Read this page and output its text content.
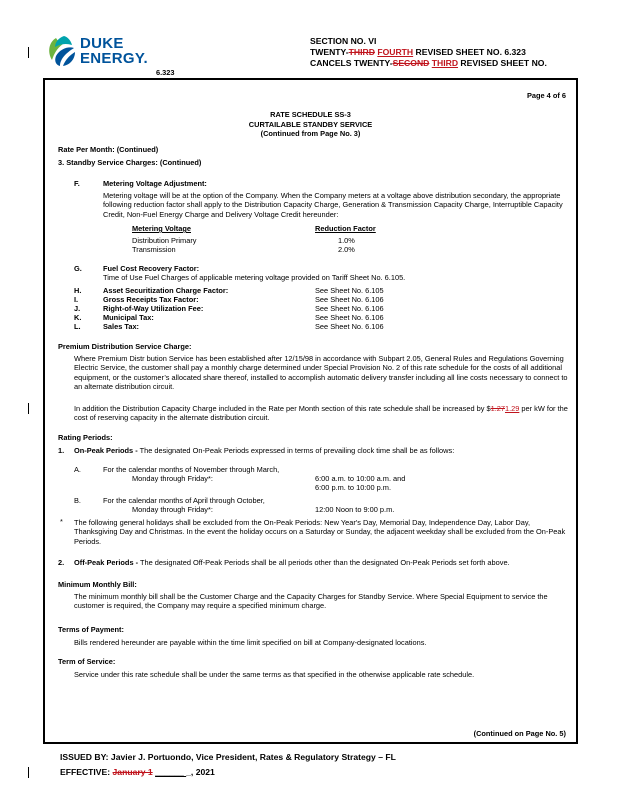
DUKE
ENERGY.
6.323
SECTION NO. VI
TWENTY-THIRD FOURTH REVISED SHEET NO. 6.323
CANCELS TWENTY-SECOND THIRD REVISED SHEET NO.
Page 4 of 6
RATE SCHEDULE SS-3
CURTAILABLE STANDBY SERVICE
(Continued from Page No. 3)
Rate Per Month: (Continued)
3. Standby Service Charges: (Continued)
F.	Metering Voltage Adjustment:
Metering voltage will be at the option of the Company. When the Company meters at a voltage above distribution secondary, the appropriate following reduction factor shall apply to the Distribution Capacity Charge, Generation & Transmission Capacity Charge, Interruptible Capacity Credit, Non-Fuel Energy Charge and Delivery Voltage Credit hereunder:
Metering Voltage	Reduction Factor
Distribution Primary	1.0%
Transmission	2.0%
G.	Fuel Cost Recovery Factor:
Time of Use Fuel Charges of applicable metering voltage provided on Tariff Sheet No. 6.105.
H.	Asset Securitization Charge Factor:	See Sheet No. 6.105
I.	Gross Receipts Tax Factor:	See Sheet No. 6.106
J.	Right-of-Way Utilization Fee:	See Sheet No. 6.106
K.	Municipal Tax:	See Sheet No. 6.106
L.	Sales Tax:	See Sheet No. 6.106
Premium Distribution Service Charge:
Where Premium Distr bution Service has been established after 12/15/98 in accordance with Subpart 2.05, General Rules and Regulations Governing Electric Service, the customer shall pay a monthly charge determined under Special Provision No. 2 of this rate schedule for the costs of all additional equipment, or the customer’s allocated share thereof, installed to accomplish automatic delivery transfer including all line costs necessary to connect to an alternate distribution circuit.
In addition the Distribution Capacity Charge included in the Rate per Month section of this rate schedule shall be increased by $1.271.29 per kW for the cost of reserving capacity in the alternate distribution circuit.
Rating Periods:
1. On-Peak Periods - The designated On-Peak Periods expressed in terms of prevailing clock time shall be as follows:
A.	For the calendar months of November through March,
Monday through Friday*:	6:00 a.m. to 10:00 a.m. and
6:00 p.m. to 10:00 p.m.
B.	For the calendar months of April through October,
Monday through Friday*:	12:00 Noon to 9:00 p.m.
* The following general holidays shall be excluded from the On-Peak Periods: New Year's Day, Memorial Day, Independence Day, Labor Day, Thanksgiving Day and Christmas. In the event the holiday occurs on a Saturday or Sunday, the adjacent weekday shall be excluded from the On-Peak Periods.
2. Off-Peak Periods - The designated Off-Peak Periods shall be all periods other than the designated On-Peak Periods set forth above.
Minimum Monthly Bill:
The minimum monthly bill shall be the Customer Charge and the Capacity Charges for Standby Service. Where Special Equipment to service the customer is required, the Company may require a specified minimum charge.
Terms of Payment:
Bills rendered hereunder are payable within the time limit specified on bill at Company-designated locations.
Term of Service:
Service under this rate schedule shall be under the same terms as that specified in the otherwise applicable rate schedule.
(Continued on Page No. 5)
ISSUED BY: Javier J. Portuondo, Vice President, Rates & Regulatory Strategy – FL
EFFECTIVE: January 1 ______ _, 2021
